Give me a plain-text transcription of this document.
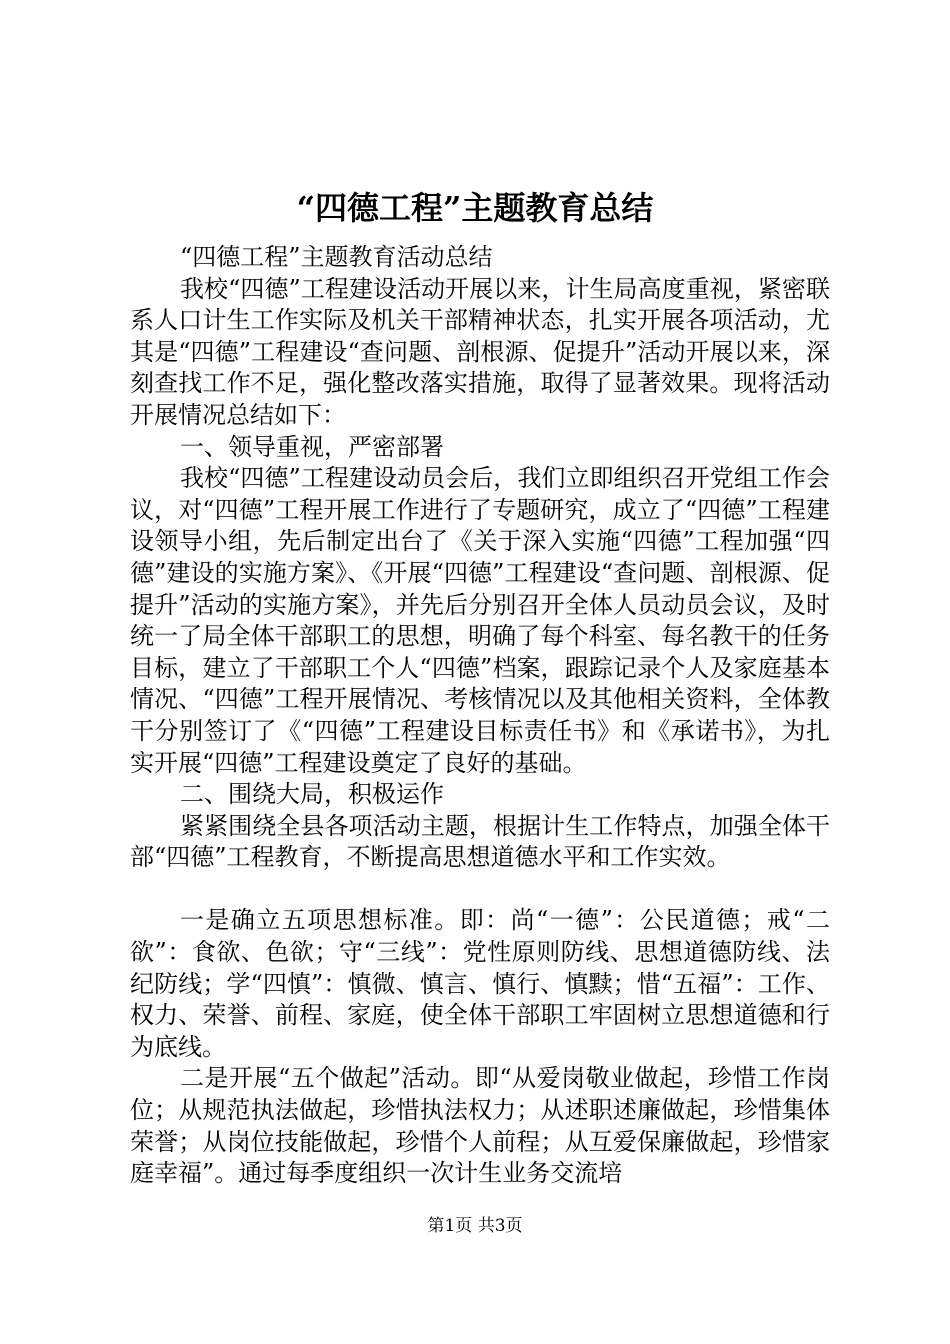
“四德工程”主题教育总结

“四德工程”主题教育活动总结

我校“四德”工程建设活动开展以来，计生局高度重视，紧密联系人口计生工作实际及机关干部精神状态，扎实开展各项活动，尤其是“四德”工程建设“查问题、剖根源、促提升”活动开展以来，深刻查找工作不足，强化整改落实措施，取得了显著效果。现将活动开展情况总结如下：

一、领导重视，严密部署

我校“四德”工程建设动员会后，我们立即组织召开党组工作会议，对“四德”工程开展工作进行了专题研究，成立了“四德”工程建设领导小组，先后制定出台了《关于深入实施“四德”工程加强“四德”建设的实施方案》、《开展“四德”工程建设“查问题、剖根源、促提升”活动的实施方案》，并先后分别召开全体人员动员会议，及时统一了局全体干部职工的思想，明确了每个科室、每名教干的任务目标，建立了干部职工个人“四德”档案，跟踪记录个人及家庭基本情况、“四德”工程开展情况、考核情况以及其他相关资料，全体教干分别签订了《“四德”工程建设目标责任书》和《承诺书》，为扎实开展“四德”工程建设奠定了良好的基础。

二、围绕大局，积极运作

紧紧围绕全县各项活动主题，根据计生工作特点，加强全体干部“四德”工程教育，不断提高思想道德水平和工作实效。

一是确立五项思想标准。即：尚“一德”：公民道德；戒“二欲”：食欲、色欲；守“三线”：党性原则防线、思想道德防线、法纪防线；学“四慎”：慎微、慎言、慎行、慎黩；惜“五福”：工作、权力、荣誉、前程、家庭，使全体干部职工牢固树立思想道德和行为底线。

二是开展“五个做起”活动。即“从爱岗敬业做起，珍惜工作岗位；从规范执法做起，珍惜执法权力；从述职述廉做起，珍惜集体荣誉；从岗位技能做起，珍惜个人前程；从互爱保廉做起，珍惜家庭幸福”。通过每季度组织一次计生业务交流培

第1页 共3页
